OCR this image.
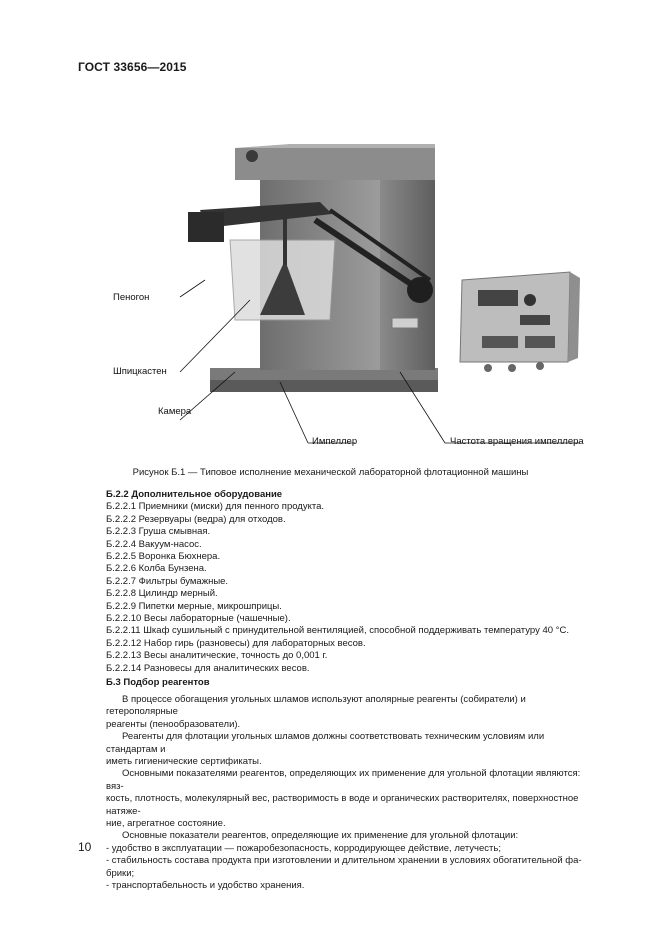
ГОСТ 33656—2015
Пеногон
Шпицкастен
Камера
Импеллер	Частота вращения импеллера
Рисунок Б.1 — Типовое исполнение механической лабораторной флотационной машины
Б.2.2 Дополнительное оборудование
Б.2.2.1 Приемники (миски) для пенного продукта.
Б.2.2.2 Резервуары (ведра) для отходов.
Б.2.2.3 Груша смывная.
Б.2.2.4 Вакуум-насос.
Б.2.2.5 Воронка Бюхнера.
Б.2.2.6 Колба Бунзена.
Б.2.2.7 Фильтры бумажные.
Б.2.2.8 Цилиндр мерный.
Б.2.2.9 Пипетки мерные, микрошприцы.
Б.2.2.10 Весы лабораторные (чашечные).
Б.2.2.11 Шкаф сушильный с принудительной вентиляцией, способной поддерживать температуру 40 °С.
Б.2.2.12 Набор гирь (разновесы) для лабораторных весов.
Б.2.2.13 Весы аналитические, точность до 0,001 г.
Б.2.2.14 Разновесы для аналитических весов.
Б.3 Подбор реагентов
В процессе обогащения угольных шламов используют аполярные реагенты (собиратели) и гетерополярные
реагенты (пенообразователи).
Реагенты для флотации угольных шламов должны соответствовать техническим условиям или стандартам и
иметь гигиенические сертификаты.
Основными показателями реагентов, определяющих их применение для угольной флотации являются: вяз-
кость, плотность, молекулярный вес, растворимость в воде и органических растворителях, поверхностное натяже-
ние, агрегатное состояние.
Основные показатели реагентов, определяющие их применение для угольной флотации:
- удобство в эксплуатации — пожаробезопасность, корродирующее действие, летучесть;
- стабильность состава продукта при изготовлении и длительном хранении в условиях обогатительной фа-
брики;
- транспортабельность и удобство хранения.
10
